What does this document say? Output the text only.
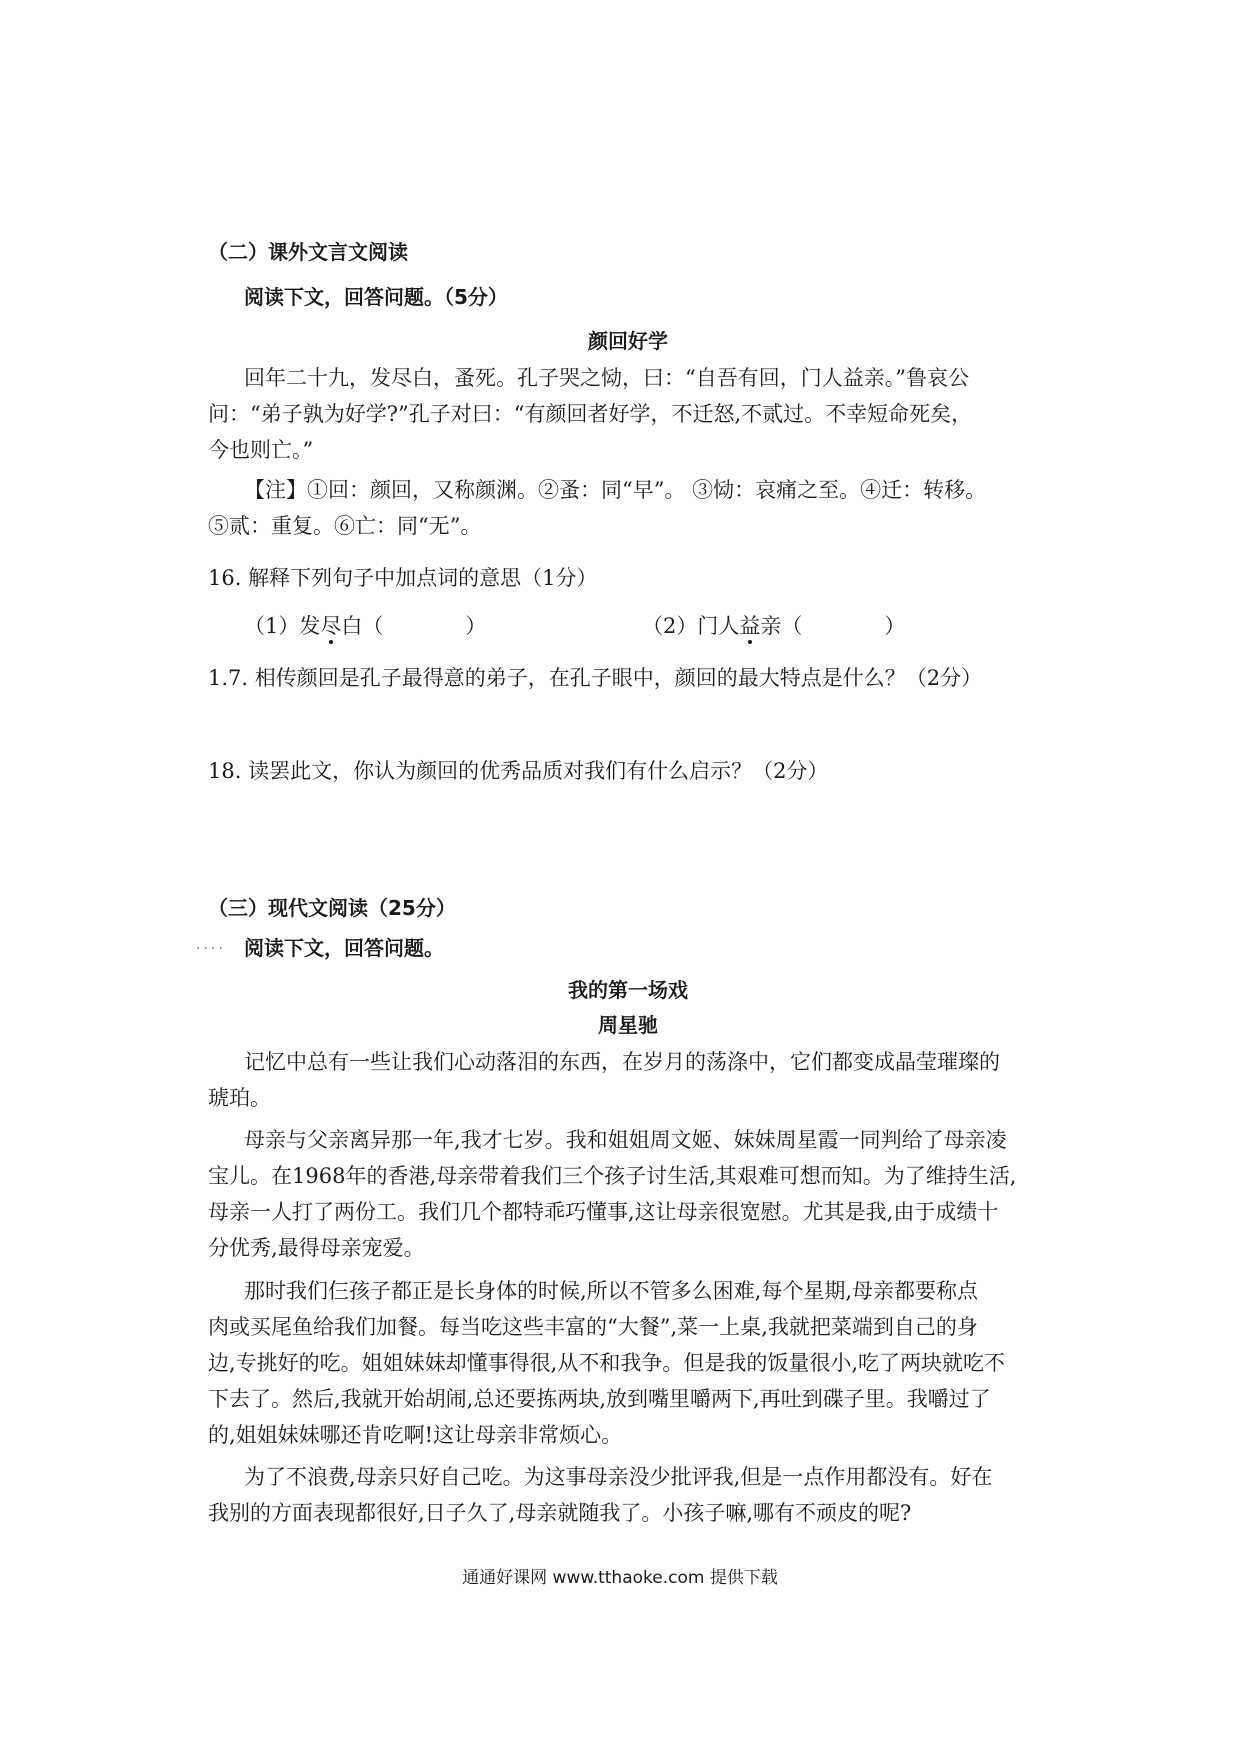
（二）课外文言文阅读
阅读下文，回答问题。（5分）
颜回好学
回年二十九，发尽白，蚤死。孔子哭之恸，曰：“自吾有回，门人益亲。”鲁哀公
问：“弟子孰为好学?”孔子对曰：“有颜回者好学，不迁怒,不贰过。不幸短命死矣，
今也则亡。”
【注】①回：颜回，又称颜渊。②蚤：同“早”。 ③恸：哀痛之至。④迁：转移。
⑤贰：重复。⑥亡：同“无”。
16. 解释下列句子中加点词的意思（1分）
（1）发尽白（	）	（2）门人益亲（	）
1.7. 相传颜回是孔子最得意的弟子，在孔子眼中，颜回的最大特点是什么？（2分）
18. 读罢此文，你认为颜回的优秀品质对我们有什么启示？（2分）
（三）现代文阅读（25分）
.... 阅读下文，回答问题。
我的第一场戏
周星驰
记忆中总有一些让我们心动落泪的东西，在岁月的荡涤中，它们都变成晶莹璀璨的
琥珀。
母亲与父亲离异那一年,我才七岁。我和姐姐周文姬、妹妹周星霞一同判给了母亲凌
宝儿。在1968年的香港,母亲带着我们三个孩子讨生活,其艰难可想而知。为了维持生活,
母亲一人打了两份工。我们几个都特乖巧懂事,这让母亲很宽慰。尤其是我,由于成绩十
分优秀,最得母亲宠爱。
那时我们仨孩子都正是长身体的时候,所以不管多么困难,每个星期,母亲都要称点
肉或买尾鱼给我们加餐。每当吃这些丰富的“大餐”,菜一上桌,我就把菜端到自己的身
边,专挑好的吃。姐姐妹妹却懂事得很,从不和我争。但是我的饭量很小,吃了两块就吃不
下去了。然后,我就开始胡闹,总还要拣两块,放到嘴里嚼两下,再吐到碟子里。我嚼过了
的,姐姐妹妹哪还肯吃啊!这让母亲非常烦心。
为了不浪费,母亲只好自己吃。为这事母亲没少批评我,但是一点作用都没有。好在
我别的方面表现都很好,日子久了,母亲就随我了。小孩子嘛,哪有不顽皮的呢?
通通好课网 www.tthaoke.com 提供下载
